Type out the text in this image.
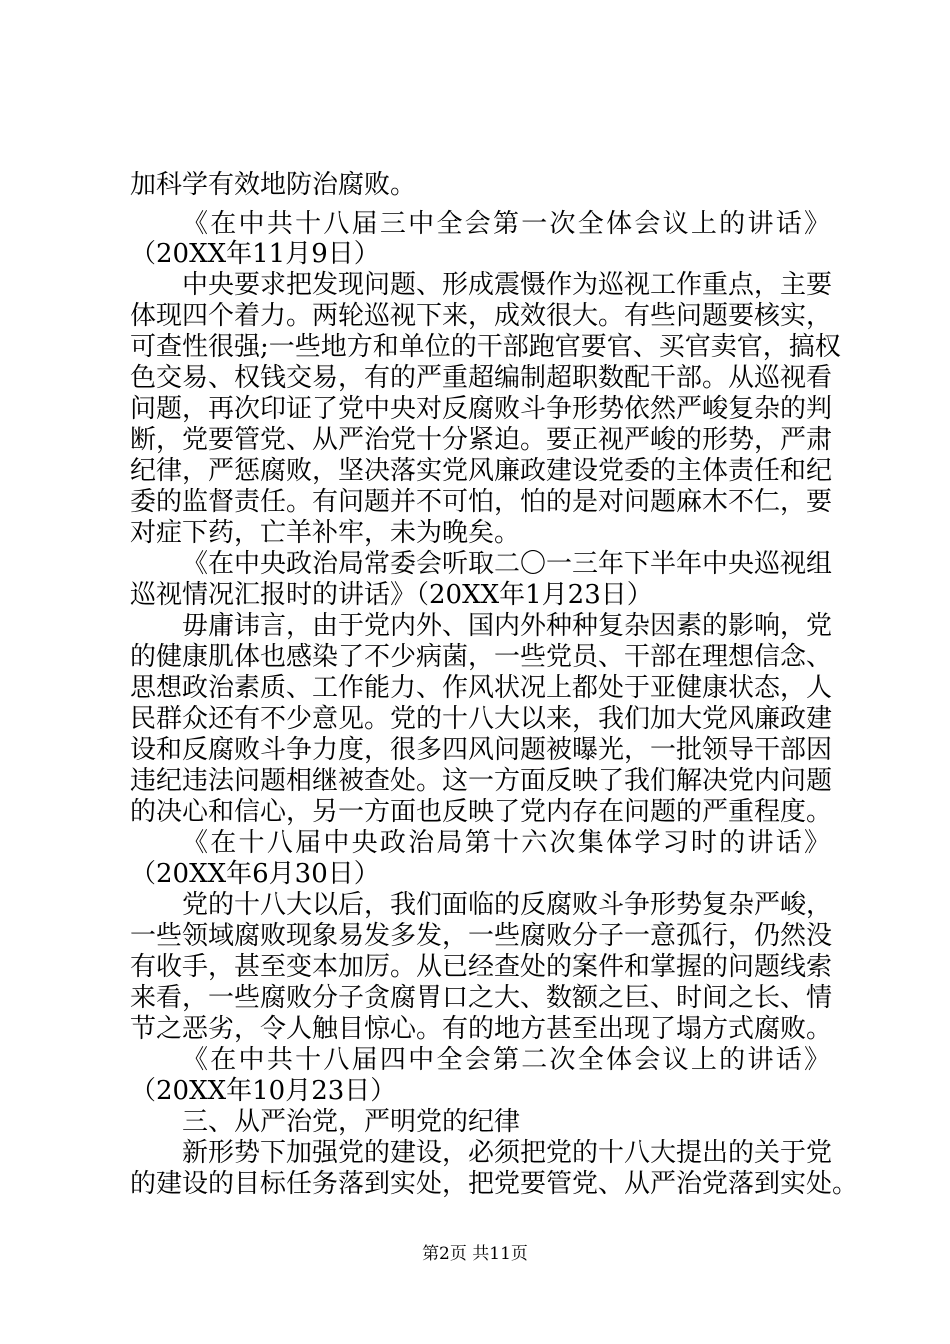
加科学有效地防治腐败。
《在中共十八届三中全会第一次全体会议上的讲话》
（20XX年11月9日）
中央要求把发现问题、形成震慑作为巡视工作重点，主要
体现四个着力。两轮巡视下来，成效很大。有些问题要核实，
可查性很强;一些地方和单位的干部跑官要官、买官卖官，搞权
色交易、权钱交易，有的严重超编制超职数配干部。从巡视看
问题，再次印证了党中央对反腐败斗争形势依然严峻复杂的判
断，党要管党、从严治党十分紧迫。要正视严峻的形势，严肃
纪律，严惩腐败，坚决落实党风廉政建设党委的主体责任和纪
委的监督责任。有问题并不可怕，怕的是对问题麻木不仁，要
对症下药，亡羊补牢，未为晚矣。
《在中央政治局常委会听取二〇一三年下半年中央巡视组
巡视情况汇报时的讲话》（20XX年1月23日）
毋庸讳言，由于党内外、国内外种种复杂因素的影响，党
的健康肌体也感染了不少病菌，一些党员、干部在理想信念、
思想政治素质、工作能力、作风状况上都处于亚健康状态，人
民群众还有不少意见。党的十八大以来，我们加大党风廉政建
设和反腐败斗争力度，很多四风问题被曝光，一批领导干部因
违纪违法问题相继被查处。这一方面反映了我们解决党内问题
的决心和信心，另一方面也反映了党内存在问题的严重程度。
《在十八届中央政治局第十六次集体学习时的讲话》
（20XX年6月30日）
党的十八大以后，我们面临的反腐败斗争形势复杂严峻，
一些领域腐败现象易发多发，一些腐败分子一意孤行，仍然没
有收手，甚至变本加厉。从已经查处的案件和掌握的问题线索
来看，一些腐败分子贪腐胃口之大、数额之巨、时间之长、情
节之恶劣，令人触目惊心。有的地方甚至出现了塌方式腐败。
《在中共十八届四中全会第二次全体会议上的讲话》
（20XX年10月23日）
三、从严治党，严明党的纪律
新形势下加强党的建设，必须把党的十八大提出的关于党
的建设的目标任务落到实处，把党要管党、从严治党落到实处。
第2页 共11页
